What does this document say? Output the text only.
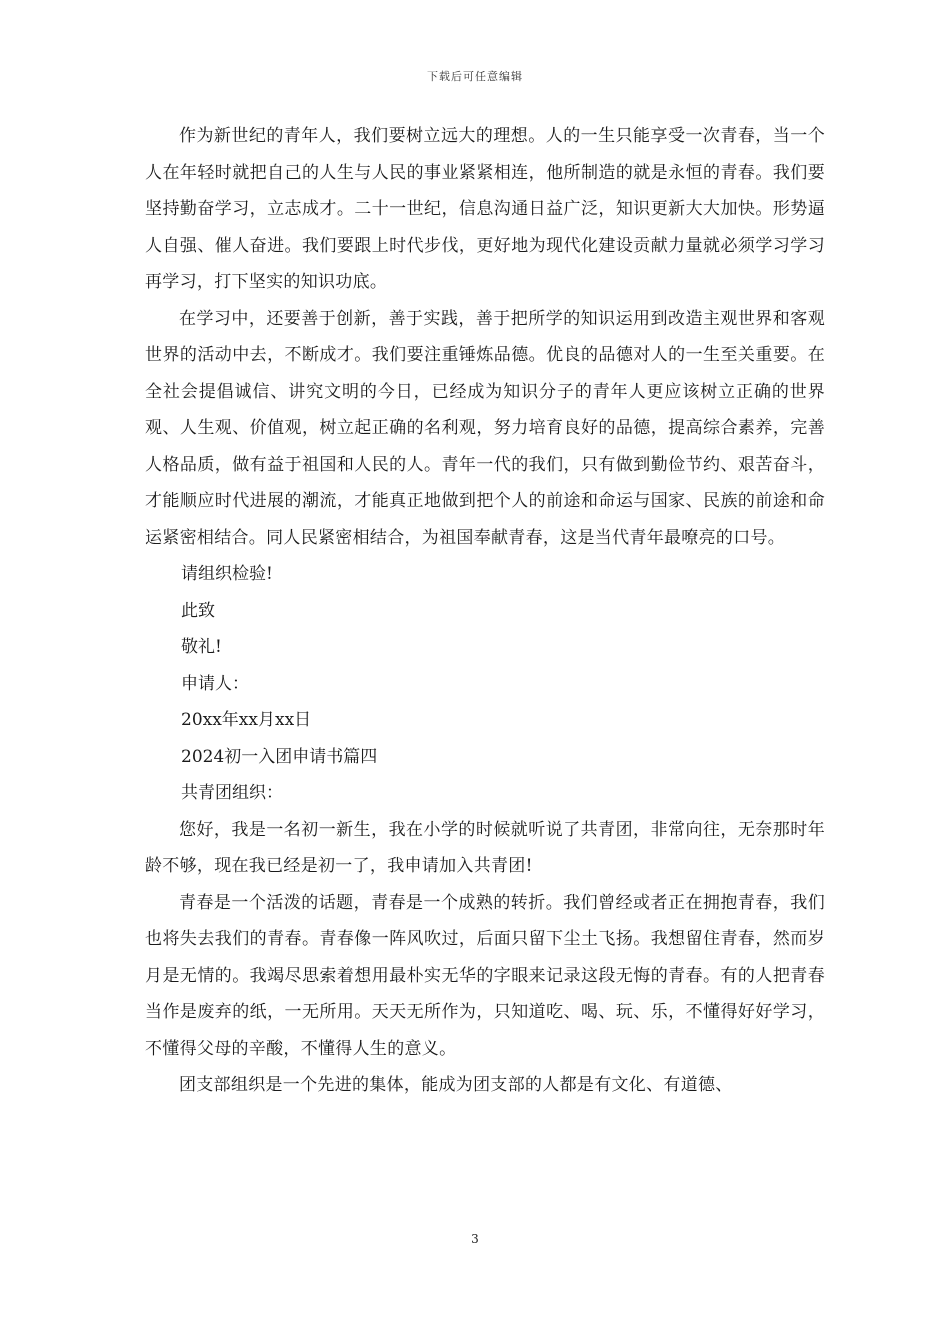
下载后可任意编辑

作为新世纪的青年人，我们要树立远大的理想。人的一生只能享受一次青春，当一个人在年轻时就把自己的人生与人民的事业紧紧相连，他所制造的就是永恒的青春。我们要坚持勤奋学习，立志成才。二十一世纪，信息沟通日益广泛，知识更新大大加快。形势逼人自强、催人奋进。我们要跟上时代步伐，更好地为现代化建设贡献力量就必须学习学习再学习，打下坚实的知识功底。

在学习中，还要善于创新，善于实践，善于把所学的知识运用到改造主观世界和客观世界的活动中去，不断成才。我们要注重锤炼品德。优良的品德对人的一生至关重要。在全社会提倡诚信、讲究文明的今日，已经成为知识分子的青年人更应该树立正确的世界观、人生观、价值观，树立起正确的名利观，努力培育良好的品德，提高综合素养，完善人格品质，做有益于祖国和人民的人。青年一代的我们，只有做到勤俭节约、艰苦奋斗，才能顺应时代进展的潮流，才能真正地做到把个人的前途和命运与国家、民族的前途和命运紧密相结合。同人民紧密相结合，为祖国奉献青春，这是当代青年最嘹亮的口号。

请组织检验!

此致

敬礼!

申请人：

20xx年xx月xx日

2024初一入团申请书篇四

共青团组织：

您好，我是一名初一新生，我在小学的时候就听说了共青团，非常向往，无奈那时年龄不够，现在我已经是初一了，我申请加入共青团!

青春是一个活泼的话题，青春是一个成熟的转折。我们曾经或者正在拥抱青春，我们也将失去我们的青春。青春像一阵风吹过，后面只留下尘土飞扬。我想留住青春，然而岁月是无情的。我竭尽思索着想用最朴实无华的字眼来记录这段无悔的青春。有的人把青春当作是废弃的纸，一无所用。天天无所作为，只知道吃、喝、玩、乐，不懂得好好学习，不懂得父母的辛酸，不懂得人生的意义。

团支部组织是一个先进的集体，能成为团支部的人都是有文化、有道德、

3
